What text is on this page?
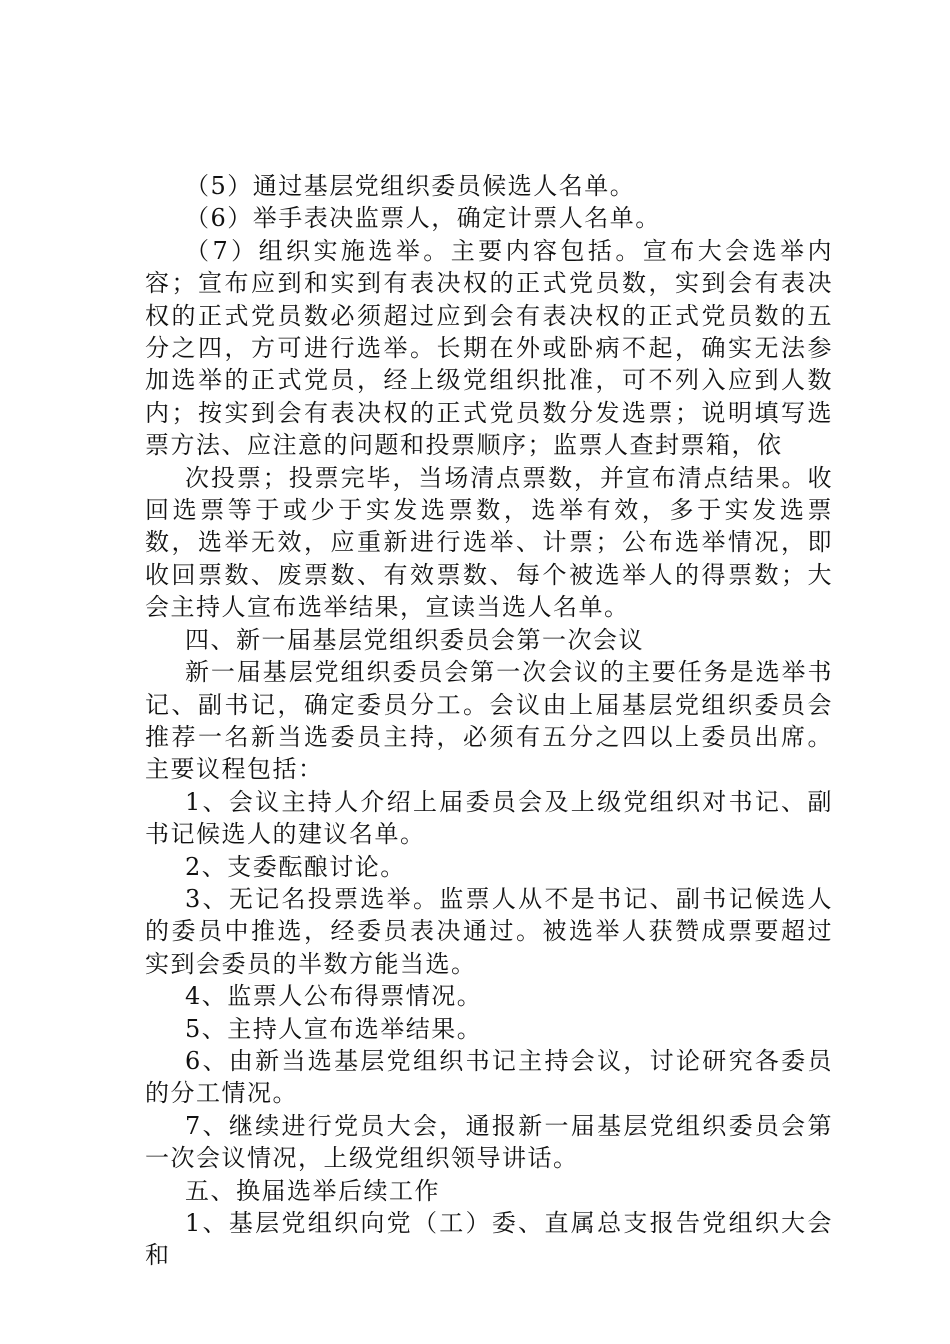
（5）通过基层党组织委员候选人名单。

（6）举手表决监票人，确定计票人名单。

（7）组织实施选举。主要内容包括。宣布大会选举内容；宣布应到和实到有表决权的正式党员数，实到会有表决权的正式党员数必须超过应到会有表决权的正式党员数的五分之四，方可进行选举。长期在外或卧病不起，确实无法参加选举的正式党员，经上级党组织批准，可不列入应到人数内；按实到会有表决权的正式党员数分发选票；说明填写选票方法、应注意的问题和投票顺序；监票人查封票箱，依

次投票；投票完毕，当场清点票数，并宣布清点结果。收回选票等于或少于实发选票数，选举有效，多于实发选票数，选举无效，应重新进行选举、计票；公布选举情况，即收回票数、废票数、有效票数、每个被选举人的得票数；大会主持人宣布选举结果，宣读当选人名单。

四、新一届基层党组织委员会第一次会议

新一届基层党组织委员会第一次会议的主要任务是选举书记、副书记，确定委员分工。会议由上届基层党组织委员会推荐一名新当选委员主持，必须有五分之四以上委员出席。主要议程包括：

1、会议主持人介绍上届委员会及上级党组织对书记、副书记候选人的建议名单。

2、支委酝酿讨论。

3、无记名投票选举。监票人从不是书记、副书记候选人的委员中推选，经委员表决通过。被选举人获赞成票要超过实到会委员的半数方能当选。

4、监票人公布得票情况。

5、主持人宣布选举结果。

6、由新当选基层党组织书记主持会议，讨论研究各委员的分工情况。

7、继续进行党员大会，通报新一届基层党组织委员会第一次会议情况，上级党组织领导讲话。

五、换届选举后续工作

1、基层党组织向党（工）委、直属总支报告党组织大会和
